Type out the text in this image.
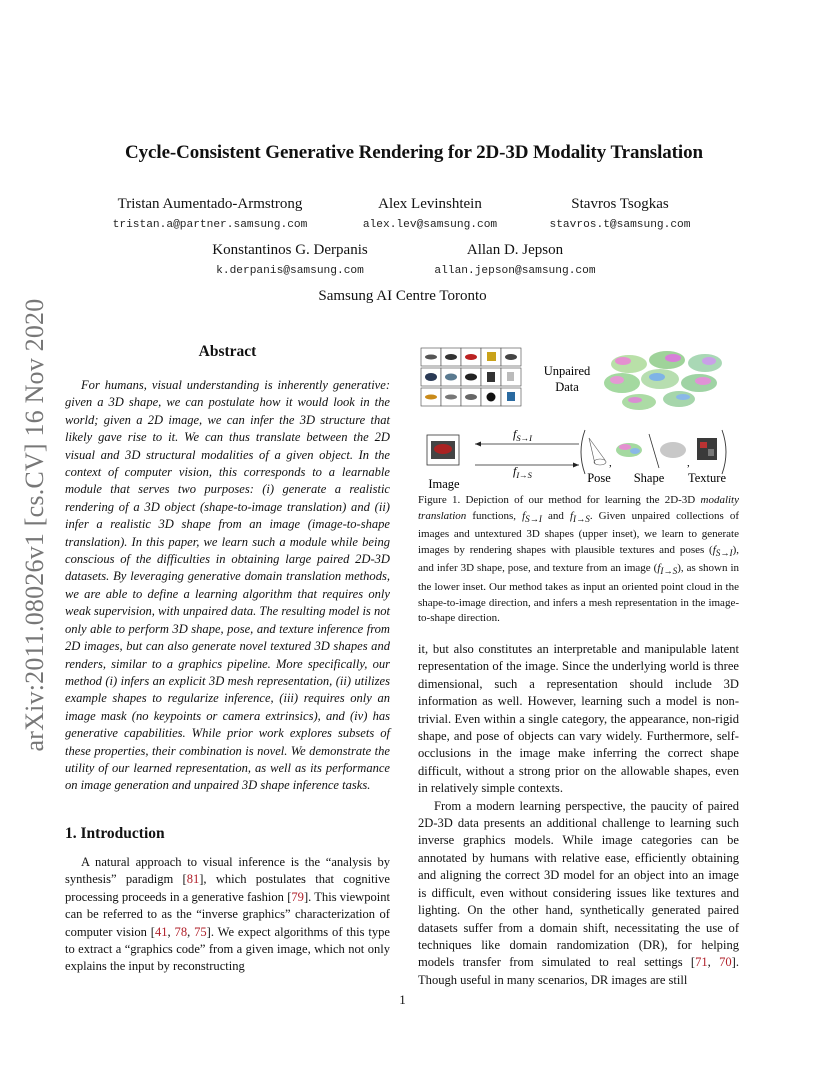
arXiv:2011.08026v1 [cs.CV] 16 Nov 2020
Cycle-Consistent Generative Rendering for 2D-3D Modality Translation
Tristan Aumentado-Armstrong
tristan.a@partner.samsung.com
Alex Levinshtein
alex.lev@samsung.com
Stavros Tsogkas
stavros.t@samsung.com
Konstantinos G. Derpanis
k.derpanis@samsung.com
Allan D. Jepson
allan.jepson@samsung.com
Samsung AI Centre Toronto
Abstract

For humans, visual understanding is inherently generative: given a 3D shape, we can postulate how it would look in the world; given a 2D image, we can infer the 3D structure that likely gave rise to it. We can thus translate between the 2D visual and 3D structural modalities of a given object. In the context of computer vision, this corresponds to a learnable module that serves two purposes: (i) generate a realistic rendering of a 3D object (shape-to-image translation) and (ii) infer a realistic 3D shape from an image (image-to-shape translation). In this paper, we learn such a module while being conscious of the difficulties in obtaining large paired 2D-3D datasets. By leveraging generative domain translation methods, we are able to define a learning algorithm that requires only weak supervision, with unpaired data. The resulting model is not only able to perform 3D shape, pose, and texture inference from 2D images, but can also generate novel textured 3D shapes and renders, similar to a graphics pipeline. More specifically, our method (i) infers an explicit 3D mesh representation, (ii) utilizes example shapes to regularize inference, (iii) requires only an image mask (no keypoints or camera extrinsics), and (iv) has generative capabilities. While prior work explores subsets of these properties, their combination is novel. We demonstrate the utility of our learned representation, as well as its performance on image generation and unpaired 3D shape inference tasks.

1. Introduction

A natural approach to visual inference is the “analysis by synthesis” paradigm [81], which postulates that cognitive processing proceeds in a generative fashion [79]. This viewpoint can be referred to as the “inverse graphics” characterization of computer vision [41, 78, 75]. We expect algorithms of this type to extract a “graphics code” from a given image, which not only explains the input by reconstructing

Unpaired
Data
$f_{S\to I}$
$f_{I\to S}$
,	,
Image	Pose Shape Texture
Figure 1. Depiction of our method for learning the 2D-3D modality translation functions, $f_{S\to I}$ and $f_{I\to S}$. Given unpaired collections of images and untextured 3D shapes (upper inset), we learn to generate images by rendering shapes with plausible textures and poses $(f_{S\to I})$, and infer 3D shape, pose, and texture from an image $(f_{I\to S})$, as shown in the lower inset. Our method takes as input an oriented point cloud in the shape-to-image direction, and infers a mesh representation in the image-to-shape direction.

it, but also constitutes an interpretable and manipulable latent representation of the image. Since the underlying world is three dimensional, such a representation should include 3D information as well. However, learning such a model is non-trivial. Even within a single category, the appearance, non-rigid shape, and pose of objects can vary widely. Furthermore, self-occlusions in the image make inferring the correct shape difficult, without a strong prior on the allowable shapes, even in relatively simple contexts.

From a modern learning perspective, the paucity of paired 2D-3D data presents an additional challenge to learning such inverse graphics models. While image categories can be annotated by humans with relative ease, efficiently obtaining and aligning the correct 3D model for an object into an image is difficult, even without considering issues like textures and lighting. On the other hand, synthetically generated paired datasets suffer from a domain shift, necessitating the use of techniques like domain randomization (DR), for helping models transfer from simulated to real settings [71, 70]. Though useful in many scenarios, DR images are still

1
